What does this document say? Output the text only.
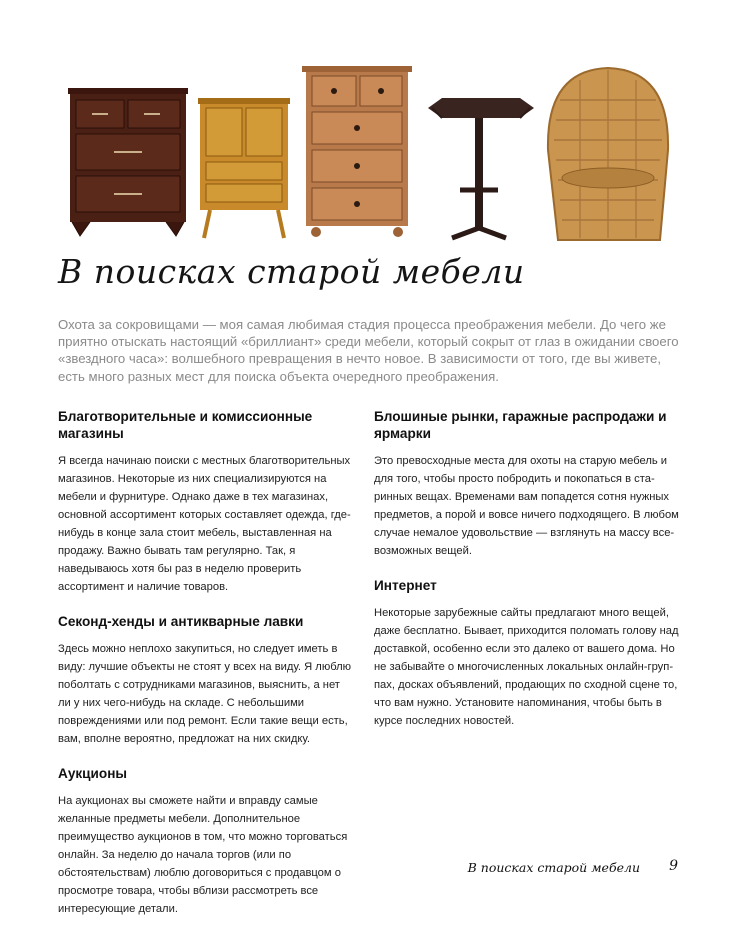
В поисках старой мебели

Охота за сокровищами — моя самая любимая стадия процесса преображения мебели. До чего же приятно отыскать настоящий «бриллиант» среди мебели, который сокрыт от глаз в ожидании своего «звездного часа»: волшебного превращения в нечто новое. В зависимости от того, где вы живете, есть много разных мест для поиска объекта очередного преображения.

Благотворительные и комиссионные магазины

Я всегда начинаю поиски с местных благотворительных магазинов. Некоторые из них специализируются на мебели и фурнитуре. Однако даже в тех магазинах, основной ассортимент которых составляет одежда, где-нибудь в конце зала стоит мебель, выставленная на продажу. Важно бывать там регулярно. Так, я наведываюсь хотя бы раз в неделю проверить ассортимент и наличие товаров.

Секонд-хенды и антикварные лавки

Здесь можно неплохо закупиться, но следует иметь в виду: лучшие объекты не стоят у всех на виду. Я люблю поболтать с сотрудниками магазинов, выяснить, а нет ли у них чего-нибудь на складе. С небольшими повреждениями или под ремонт. Если такие вещи есть, вам, вполне вероятно, предложат на них скидку.

Аукционы

На аукционах вы сможете найти и вправду самые желанные предметы мебели. Дополнительное преимущество аукционов в том, что можно торговаться онлайн. За неделю до начала торгов (или по обстоятельствам) люблю договориться с продавцом о просмотре товара, чтобы вблизи рассмотреть все интересующие детали.

Блошиные рынки, гаражные распродажи и ярмарки

Это превосходные места для охоты на старую мебель и для того, чтобы просто побродить и покопаться в старинных вещах. Временами вам попадется сотня нужных предметов, а порой и вовсе ничего подходящего. В любом случае немалое удовольствие — взглянуть на массу всевозможных вещей.

Интернет

Некоторые зарубежные сайты предлагают много вещей, даже бесплатно. Бывает, приходится поломать голову над доставкой, особенно если это далеко от вашего дома. Но не забывайте о многочисленных локальных онлайн-группах, досках объявлений, продающих по сходной сцене то, что вам нужно. Установите напоминания, чтобы быть в курсе последних новостей.

В поисках старой мебели 9
